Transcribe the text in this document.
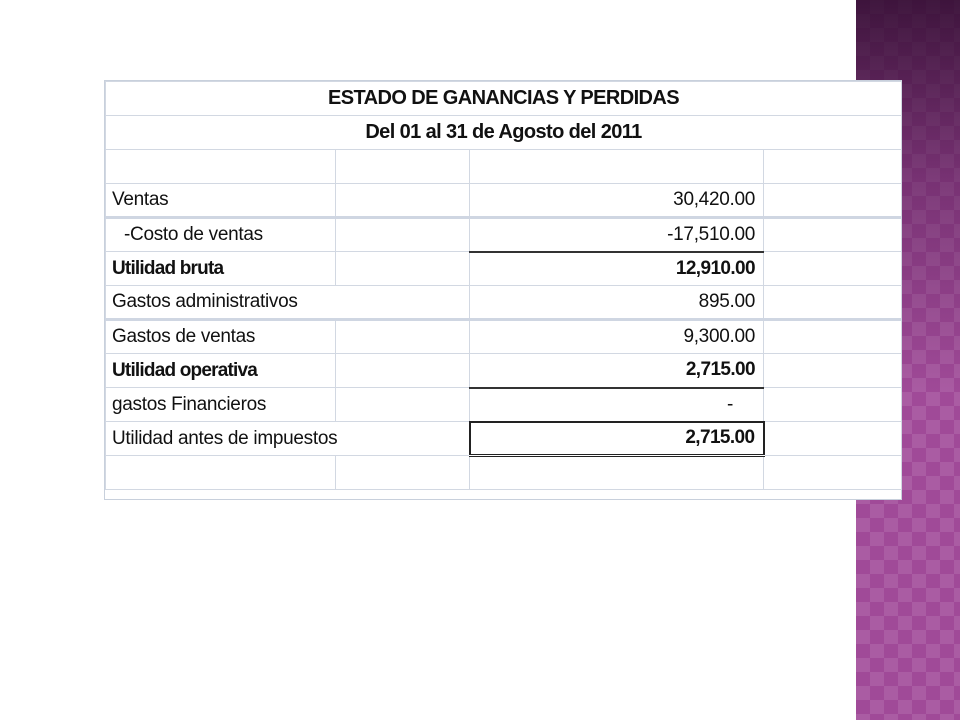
ESTADO DE GANANCIAS Y PERDIDAS			
Del 01 al 31 de Agosto del 2011			

Ventas		30,420.00	
-Costo de ventas		-17,510.00	
Utilidad bruta		12,910.00	
Gastos administrativos		895.00	
Gastos de ventas		9,300.00	
Utilidad operativa		2,715.00	
gastos Financieros		-	
Utilidad antes de impuestos		2,715.00	
